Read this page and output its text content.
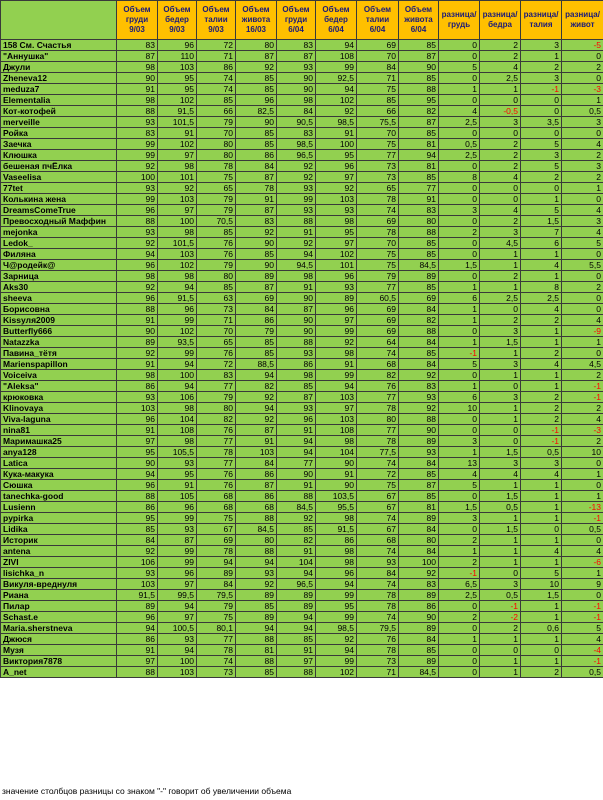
	Объем груди 9/03	Объем бедер 9/03	Объем талии 9/03	Объем живота 16/03	Объем груди 6/04	Объем бедер 6/04	Объем талии 6/04	Объем живота 6/04	разница/ грудь	разница/ бедра	разница/ талия	разница/ живот
158 См. Счастья	83	96	72	80	83	94	69	85	0	2	3	-5
"Аннушка"	87	110	71	87	87	108	70	87	0	2	1	0
Джули	98	103	86	92	93	99	84	90	5	4	2	2
Zheneva12	90	95	74	85	90	92,5	71	85	0	2,5	3	0
meduza7	91	95	74	85	90	94	75	88	1	1	-1	-3
Elementalia	98	102	85	96	98	102	85	95	0	0	0	1
Кот-котофей	88	91,5	66	82,5	84	92	66	82	4	-0,5	0	0,5
merveille	93	101,5	79	90	90,5	98,5	75,5	87	2,5	3	3,5	3
Ройка	83	91	70	85	83	91	70	85	0	0	0	0
Заечка	99	102	80	85	98,5	100	75	81	0,5	2	5	4
Клюшка	99	97	80	86	96,5	95	77	94	2,5	2	3	2
бешеная пчЁлка	92	98	78	84	92	96	73	81	0	2	5	3
Vaseelisa	100	101	75	87	92	97	73	85	8	4	2	2
77tet	93	92	65	78	93	92	65	77	0	0	0	1
Колькина жена	99	103	79	91	99	103	78	91	0	0	1	0
DreamsComeTrue	96	97	79	87	93	93	74	83	3	4	5	4
Превосходный Маффин	88	100	70,5	83	88	98	69	80	0	2	1,5	3
mejonka	93	98	85	92	91	95	78	88	2	3	7	4
Ledok_	92	101,5	76	90	92	97	70	85	0	4,5	6	5
Филяна	94	103	76	85	94	102	75	85	0	1	1	0
Ч@родейк@	96	102	79	90	94,5	101	75	84,5	1,5	1	4	5,5
Зарница	98	98	80	89	98	96	79	89	0	2	1	0
Aks30	92	94	85	87	91	93	77	85	1	1	8	2
sheeva	96	91,5	63	69	90	89	60,5	69	6	2,5	2,5	0
Борисовна	88	96	73	84	87	96	69	84	1	0	4	0
Kissyля2009	91	99	71	86	90	97	69	82	1	2	2	4
Butterfly666	90	102	70	79	90	99	69	88	0	3	1	-9
Natazzka	89	93,5	65	85	88	92	64	84	1	1,5	1	1
Павина_тётя	92	99	76	85	93	98	74	85	-1	1	2	0
Marienspapillon	91	94	72	88,5	86	91	68	84	5	3	4	4,5
Voiceiva	98	100	83	94	98	99	82	92	0	1	1	2
"Aleksa"	86	94	77	82	85	94	76	83	1	0	1	-1
крюковка	93	106	79	92	87	103	77	93	6	3	2	-1
Klinovaya	103	98	80	94	93	97	78	92	10	1	2	2
Viva-laguna	96	104	82	92	96	103	80	88	0	1	2	4
nina81	91	108	76	87	91	108	77	90	0	0	-1	-3
Маримашка25	97	98	77	91	94	98	78	89	3	0	-1	2
anya128	95	105,5	78	103	94	104	77,5	93	1	1,5	0,5	10
Latica	90	93	77	84	77	90	74	84	13	3	3	0
Кука-макука	94	95	76	86	90	91	72	85	4	4	4	1
Сюшка	96	91	76	87	91	90	75	87	5	1	1	0
tanechka-good	88	105	68	86	88	103,5	67	85	0	1,5	1	1
Lusienn	86	96	68	68	84,5	95,5	67	81	1,5	0,5	1	-13
pypirka	95	99	75	88	92	98	74	89	3	1	1	-1
Lidika	85	93	67	84,5	85	91,5	67	84	0	1,5	0	0,5
Историк	84	87	69	80	82	86	68	80	2	1	1	0
antena	92	99	78	88	91	98	74	84	1	1	4	4
ZIVI	106	99	94	94	104	98	93	100	2	1	1	-6
lisichka_n	93	96	89	93	94	96	84	92	-1	0	5	1
Викуля-вреднуля	103	97	84	92	96,5	94	74	83	6,5	3	10	9
Риана	91,5	99,5	79,5	89	89	99	78	89	2,5	0,5	1,5	0
Пилар	89	94	79	85	89	95	78	86	0	-1	1	-1
Schast.e	96	97	75	89	94	99	74	90	2	-2	1	-1
Maria.sherstneva	94	100,5	80,1	94	94	98,5	79,5	89	0	2	0,6	5
Джюся	86	93	77	88	85	92	76	84	1	1	1	4
Музя	91	94	78	81	91	94	78	85	0	0	0	-4
Виктория7878	97	100	74	88	97	99	73	89	0	1	1	-1
A_net	88	103	73	85	88	102	71	84,5	0	1	2	0,5
значение столбцов разницы со знаком "-" говорит об увеличении объема
